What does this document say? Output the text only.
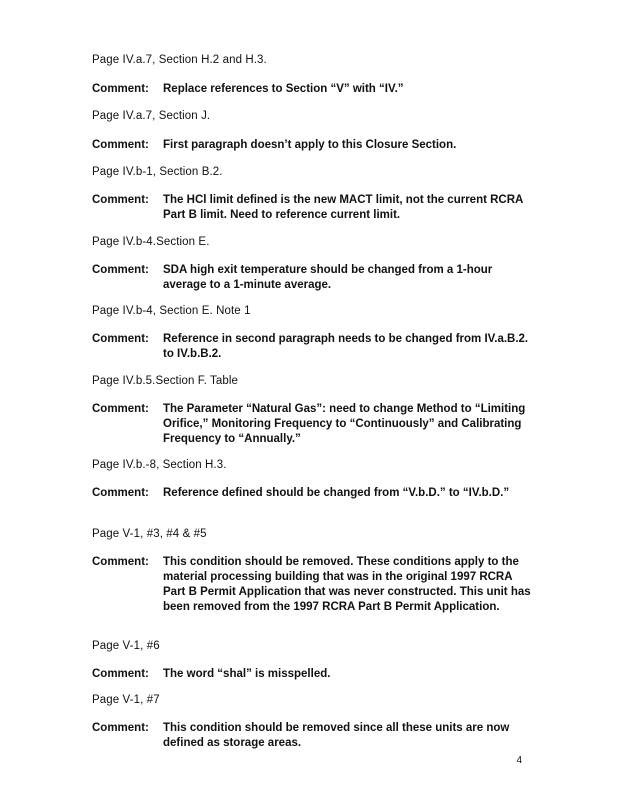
Page IV.a.7, Section H.2 and H.3.
Comment: Replace references to Section “V” with “IV.”
Page IV.a.7, Section J.
Comment: First paragraph doesn’t apply to this Closure Section.
Page IV.b-1, Section B.2.
Comment: The HCl limit defined is the new MACT limit, not the current RCRA Part B limit. Need to reference current limit.
Page IV.b-4.Section E.
Comment: SDA high exit temperature should be changed from a 1-hour average to a 1-minute average.
Page IV.b-4, Section E. Note 1
Comment: Reference in second paragraph needs to be changed from IV.a.B.2. to IV.b.B.2.
Page IV.b.5.Section F. Table
Comment: The Parameter “Natural Gas”: need to change Method to “Limiting Orifice,” Monitoring Frequency to “Continuously” and Calibrating Frequency to “Annually.”
Page IV.b.-8, Section H.3.
Comment:	Reference defined should be changed from “V.b.D.” to “IV.b.D.”
Page V-1, #3, #4 & #5
Comment: This condition should be removed. These conditions apply to the material processing building that was in the original 1997 RCRA Part B Permit Application that was never constructed. This unit has been removed from the 1997 RCRA Part B Permit Application.
Page V-1, #6
Comment: The word “shal” is misspelled.
Page V-1, #7
Comment: This condition should be removed since all these units are now defined as storage areas.
4
